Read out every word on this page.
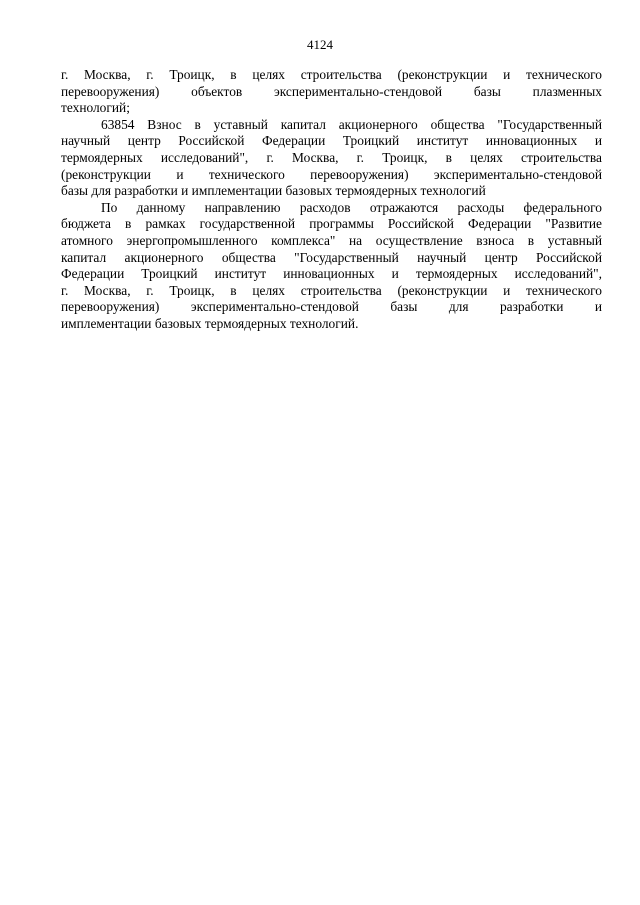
4124
г. Москва, г. Троицк, в целях строительства (реконструкции и технического
перевооружения) объектов экспериментально-стендовой базы плазменных
технологий;
63854 Взнос в уставный капитал акционерного общества "Государственный
научный центр Российской Федерации Троицкий институт инновационных и
термоядерных исследований", г. Москва, г. Троицк, в целях строительства
(реконструкции и технического перевооружения) экспериментально-стендовой
базы для разработки и имплементации базовых термоядерных технологий
По данному направлению расходов отражаются расходы федерального
бюджета в рамках государственной программы Российской Федерации "Развитие
атомного энергопромышленного комплекса" на осуществление взноса в уставный
капитал акционерного общества "Государственный научный центр Российской
Федерации Троицкий институт инновационных и термоядерных исследований",
г. Москва, г. Троицк, в целях строительства (реконструкции и технического
перевооружения) экспериментально-стендовой базы для разработки и
имплементации базовых термоядерных технологий.
